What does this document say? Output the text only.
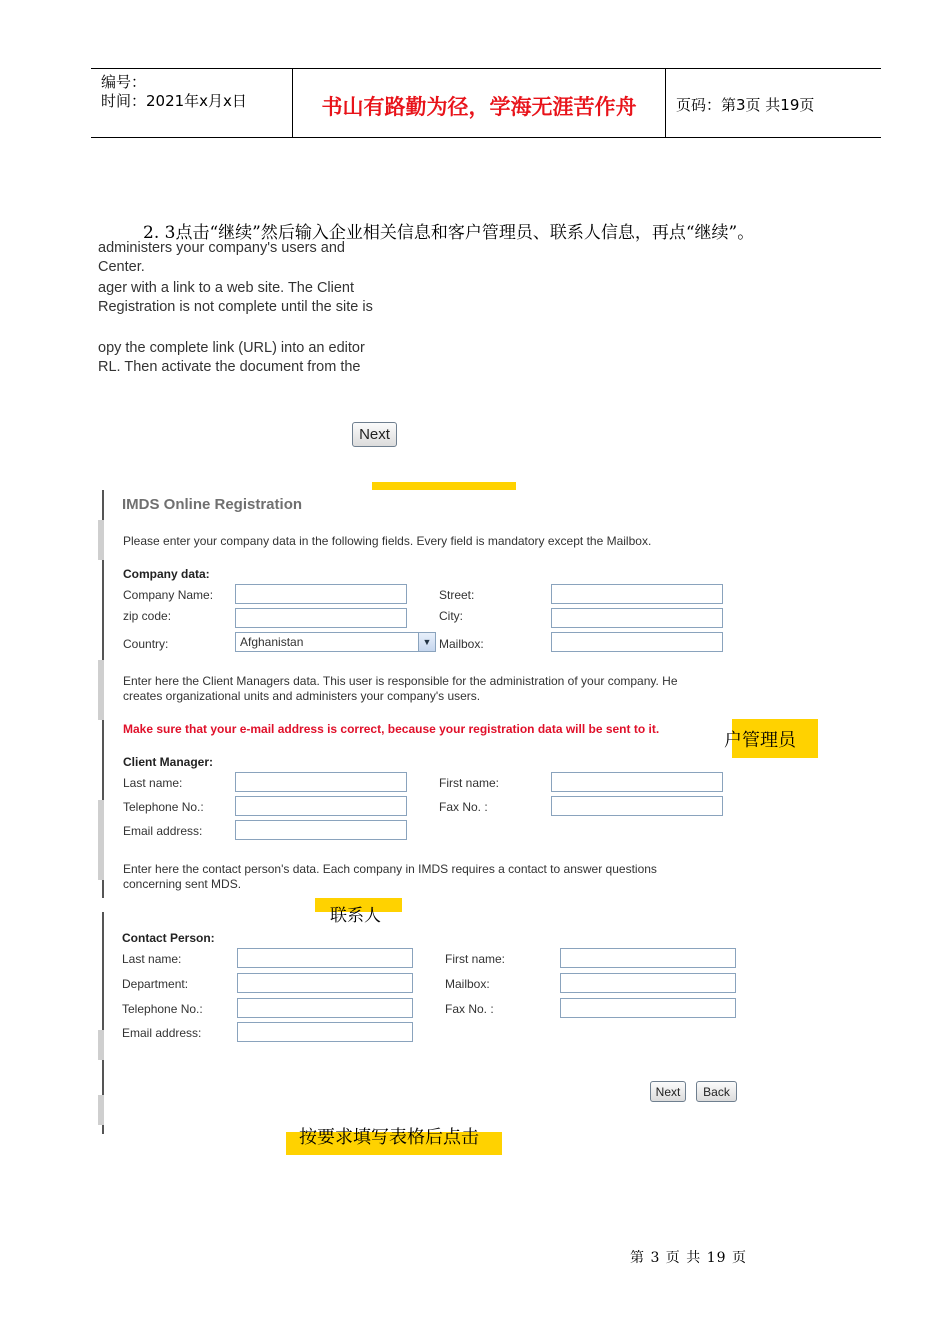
编号：
时间：2021年x月x日	书山有路勤为径，学海无涯苦作舟	页码：第3页 共19页
2. 3点击“继续”然后输入企业相关信息和客户管理员、联系人信息，再点“继续”。
administers your company's users and
Center.
ager with a link to a web site. The Client
Registration is not complete until the site is
opy the complete link (URL) into an editor
RL. Then activate the document from the
Next
IMDS Online Registration
Please enter your company data in the following fields. Every field is mandatory except the Mailbox.
Company data:
Company Name:	Street:
zip code:	City:
Country:	Afghanistan	▼ Mailbox:
Enter here the Client Managers data. This user is responsible for the administration of your company. He
creates organizational units and administers your company's users.
Make sure that your e-mail address is correct, because your registration data will be sent to it.
Client Manager:
Last name:	First name:
Telephone No.:	Fax No. :
Email address:
Enter here the contact person's data. Each company in IMDS requires a contact to answer questions
concerning sent MDS.
Contact Person:
Last name:	First name:
Department:	Mailbox:
Telephone No.:	Fax No. :
Email address:
Next	Back
户管理员
联系人
按要求填写表格后点击
第 3 页 共 19 页
